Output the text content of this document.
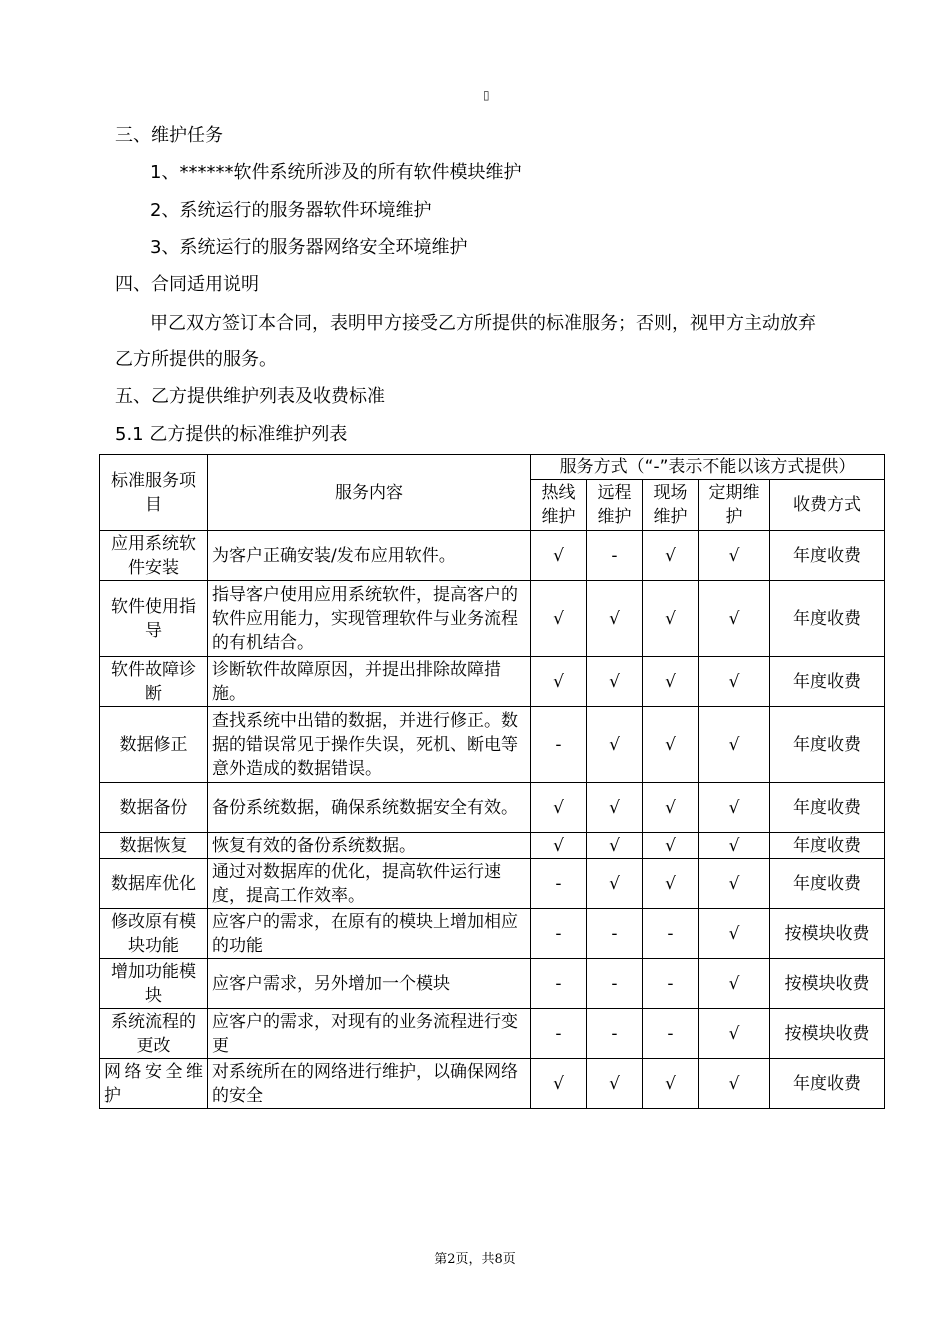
▯
三、维护任务
1、******软件系统所涉及的所有软件模块维护
2、系统运行的服务器软件环境维护
3、系统运行的服务器网络安全环境维护
四、合同适用说明
甲乙双方签订本合同，表明甲方接受乙方所提供的标准服务；否则，视甲方主动放弃
乙方所提供的服务。
五、乙方提供维护列表及收费标准
5.1 乙方提供的标准维护列表
标准服务项目	服务内容	服务方式（“-”表示不能以该方式提供）				
		热线维护	远程维护	现场维护	定期维护	收费方式
应用系统软件安装	为客户正确安装/发布应用软件。	√	-	√	√	年度收费
软件使用指导	指导客户使用应用系统软件，提高客户的软件应用能力，实现管理软件与业务流程的有机结合。	√	√	√	√	年度收费
软件故障诊断	诊断软件故障原因，并提出排除故障措施。	√	√	√	√	年度收费
数据修正	查找系统中出错的数据，并进行修正。数据的错误常见于操作失误，死机、断电等意外造成的数据错误。	-	√	√	√	年度收费
数据备份	备份系统数据，确保系统数据安全有效。	√	√	√	√	年度收费
数据恢复	恢复有效的备份系统数据。	√	√	√	√	年度收费
数据库优化	通过对数据库的优化，提高软件运行速度，提高工作效率。	-	√	√	√	年度收费
修改原有模块功能	应客户的需求，在原有的模块上增加相应的功能	-	-	-	√	按模块收费
增加功能模块	应客户需求，另外增加一个模块	-	-	-	√	按模块收费
系统流程的更改	应客户的需求，对现有的业务流程进行变更	-	-	-	√	按模块收费
网络安全维护	对系统所在的网络进行维护，以确保网络的安全	√	√	√	√	年度收费
第2页，共8页
